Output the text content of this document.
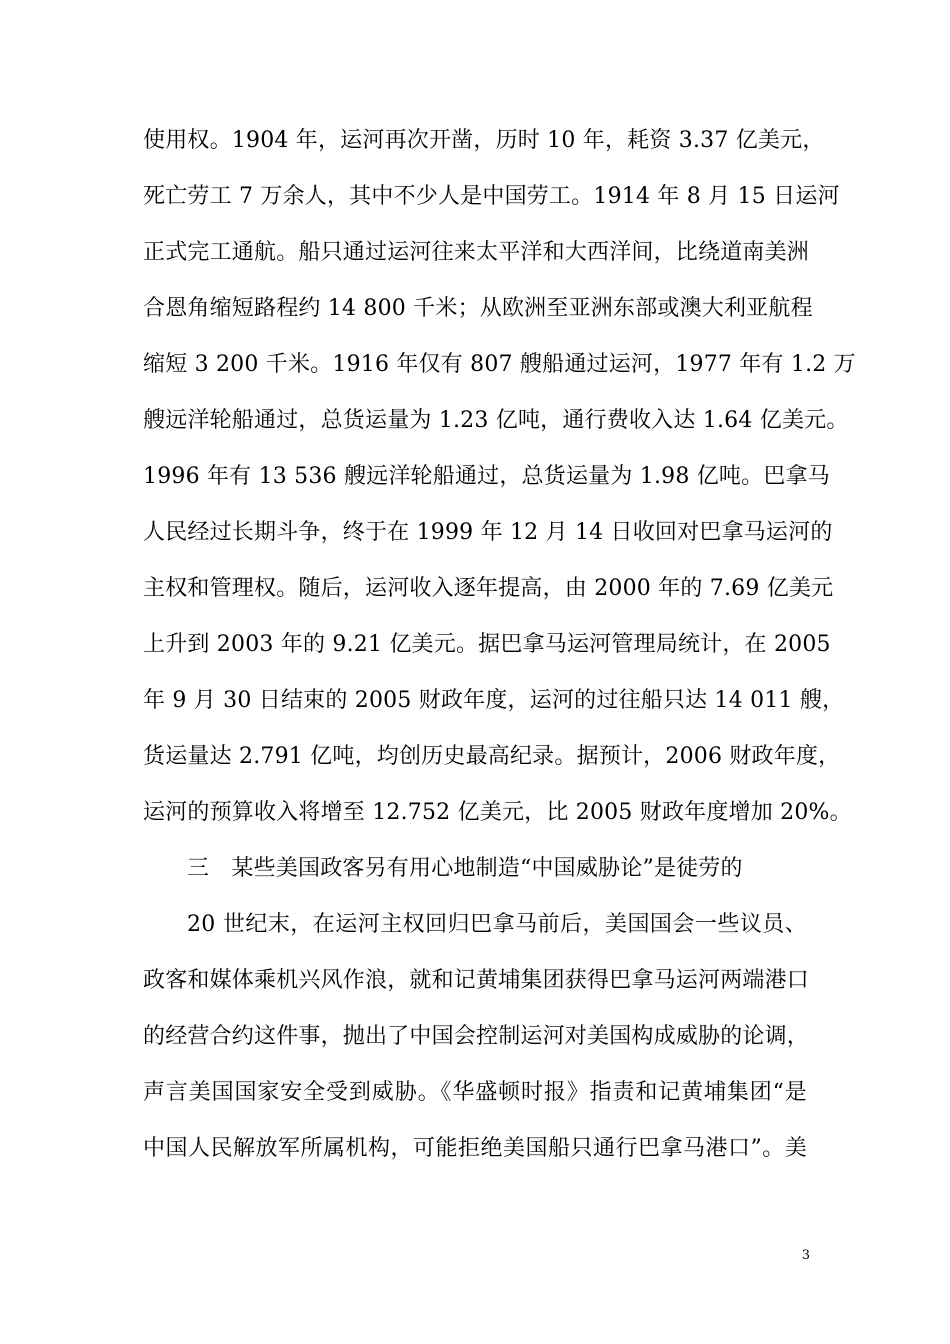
使用权。1904 年，运河再次开凿，历时 10 年，耗资 3.37 亿美元，
死亡劳工 7 万余人，其中不少人是中国劳工。1914 年 8 月 15 日运河
正式完工通航。船只通过运河往来太平洋和大西洋间，比绕道南美洲
合恩角缩短路程约 14 800 千米；从欧洲至亚洲东部或澳大利亚航程
缩短 3 200 千米。1916 年仅有 807 艘船通过运河，1977 年有 1.2 万
艘远洋轮船通过，总货运量为 1.23 亿吨，通行费收入达 1.64 亿美元。
1996 年有 13 536 艘远洋轮船通过，总货运量为 1.98 亿吨。巴拿马
人民经过长期斗争，终于在 1999 年 12 月 14 日收回对巴拿马运河的
主权和管理权。随后，运河收入逐年提高，由 2000 年的 7.69 亿美元
上升到 2003 年的 9.21 亿美元。据巴拿马运河管理局统计，在 2005
年 9 月 30 日结束的 2005 财政年度，运河的过往船只达 14 011 艘，
货运量达 2.791 亿吨，均创历史最高纪录。据预计，2006 财政年度，
运河的预算收入将增至 12.752 亿美元，比 2005 财政年度增加 20%。
三　某些美国政客另有用心地制造“中国威胁论”是徒劳的
20 世纪末，在运河主权回归巴拿马前后，美国国会一些议员、
政客和媒体乘机兴风作浪，就和记黄埔集团获得巴拿马运河两端港口
的经营合约这件事，抛出了中国会控制运河对美国构成威胁的论调，
声言美国国家安全受到威胁。《华盛顿时报》指责和记黄埔集团“是
中国人民解放军所属机构，可能拒绝美国船只通行巴拿马港口”。美
3
